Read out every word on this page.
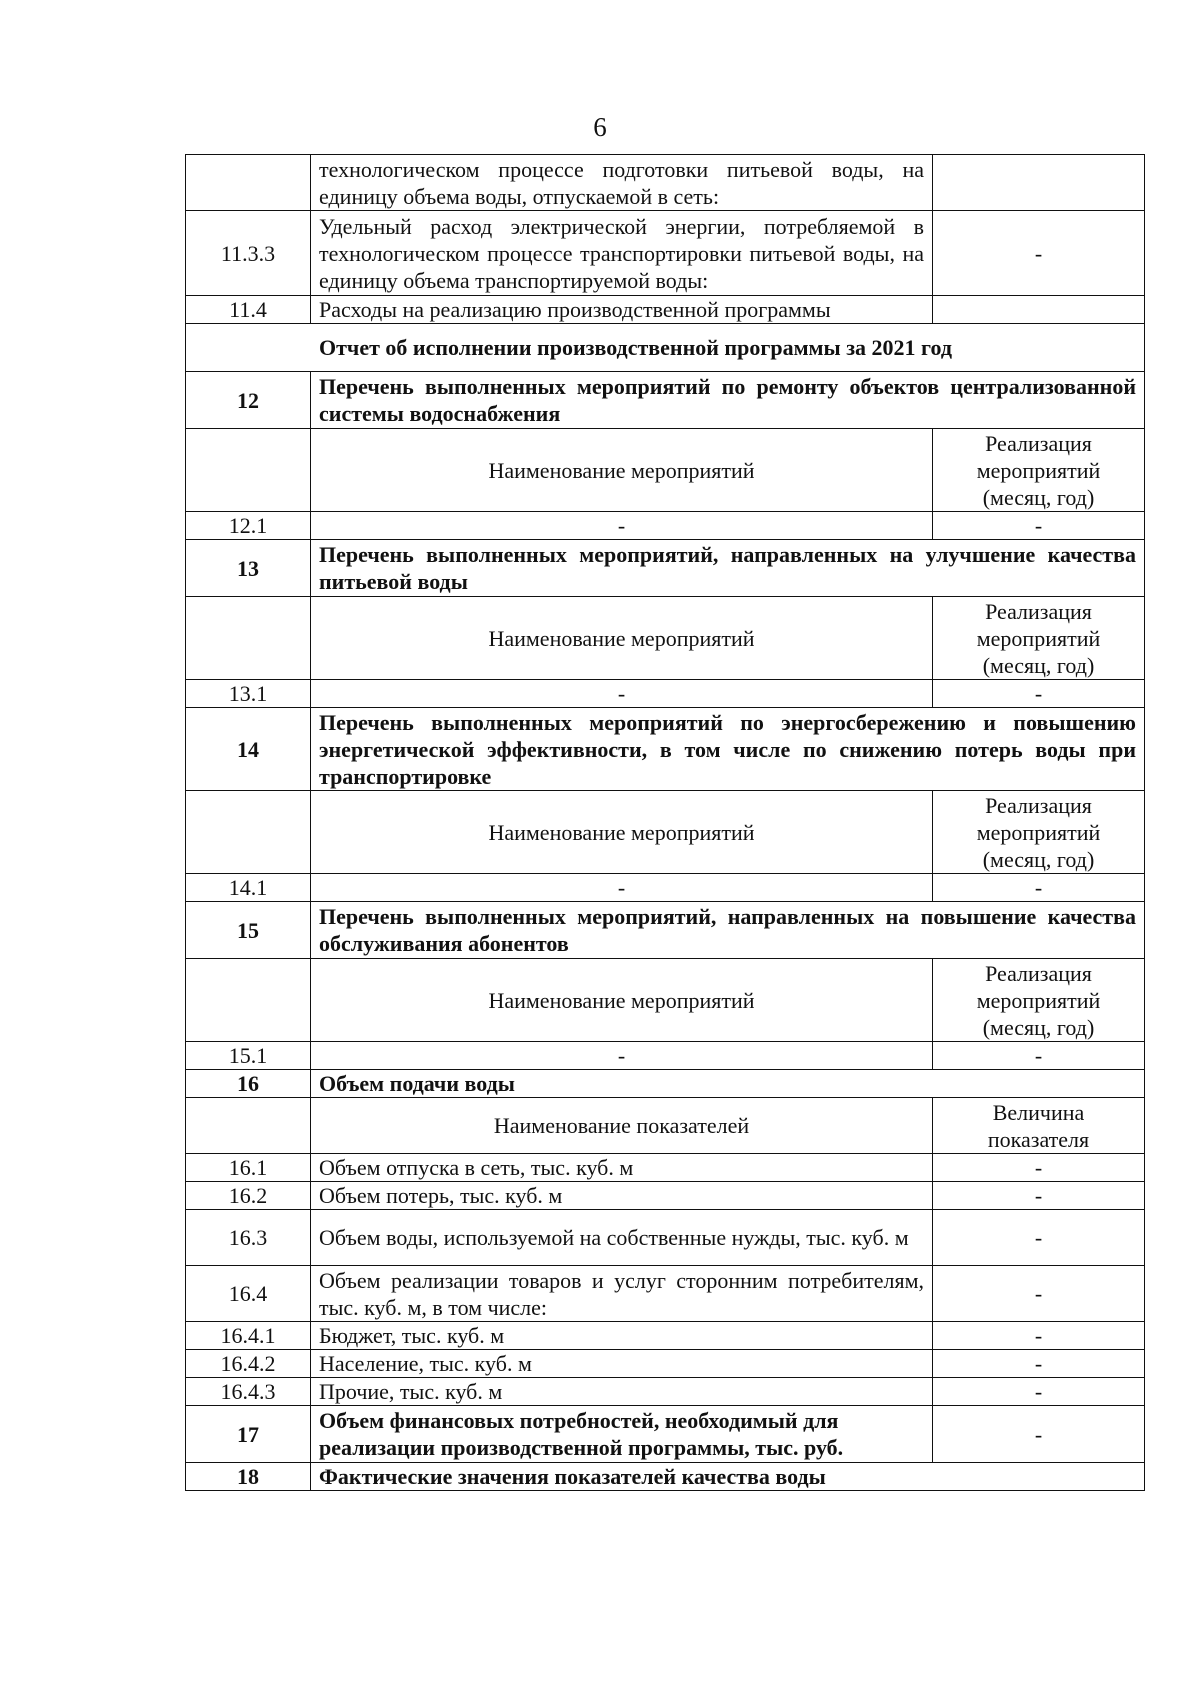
6
	технологическом процессе подготовки питьевой воды, на единицу объема воды, отпускаемой в сеть:	
11.3.3	Удельный расход электрической энергии, потребляемой в технологическом процессе транспортировки питьевой воды, на единицу объема транспортируемой воды:	-
11.4	Расходы на реализацию производственной программы	
Отчет об исполнении производственной программы за 2021 год		
12	Перечень выполненных мероприятий по ремонту объектов централизованной системы водоснабжения	
	Наименование мероприятий	Реализация мероприятий (месяц, год)
12.1	-	-
13	Перечень выполненных мероприятий, направленных на улучшение качества питьевой воды	
	Наименование мероприятий	Реализация мероприятий (месяц, год)
13.1	-	-
14	Перечень выполненных мероприятий по энергосбережению и повышению энергетической эффективности, в том числе по снижению потерь воды при транспортировке	
	Наименование мероприятий	Реализация мероприятий (месяц, год)
14.1	-	-
15	Перечень выполненных мероприятий, направленных на повышение качества обслуживания абонентов	
	Наименование мероприятий	Реализация мероприятий (месяц, год)
15.1	-	-
16	Объем подачи воды	
	Наименование показателей	Величина показателя
16.1	Объем отпуска в сеть, тыс. куб. м	-
16.2	Объем потерь, тыс. куб. м	-
16.3	Объем воды, используемой на собственные нужды, тыс. куб. м	-
16.4	Объем реализации товаров и услуг сторонним потребителям, тыс. куб. м, в том числе:	-
16.4.1	Бюджет, тыс. куб. м	-
16.4.2	Население, тыс. куб. м	-
16.4.3	Прочие, тыс. куб. м	-
17	Объем финансовых потребностей, необходимый для реализации производственной программы, тыс. руб.	-
18	Фактические значения показателей качества воды	
